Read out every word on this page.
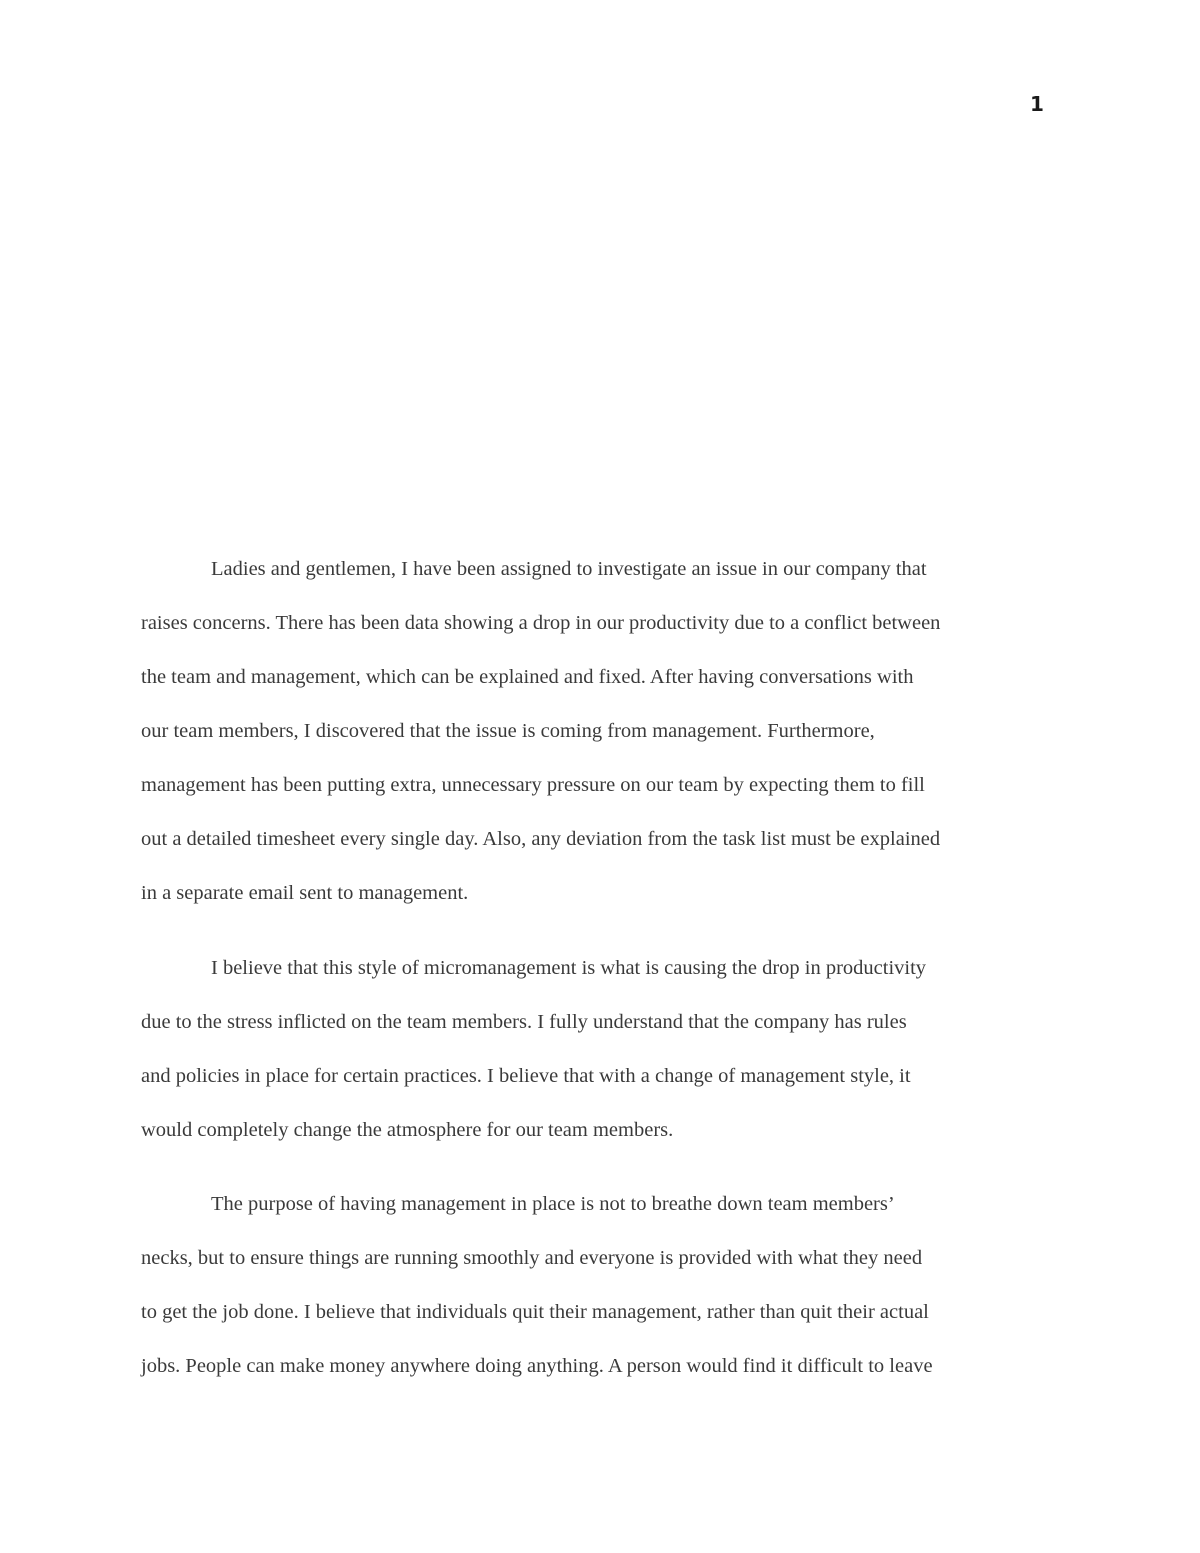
1
Ladies and gentlemen, I have been assigned to investigate an issue in our company that
raises concerns. There has been data showing a drop in our productivity due to a conflict between
the team and management, which can be explained and fixed. After having conversations with
our team members, I discovered that the issue is coming from management. Furthermore,
management has been putting extra, unnecessary pressure on our team by expecting them to fill
out a detailed timesheet every single day. Also, any deviation from the task list must be explained
in a separate email sent to management.
I believe that this style of micromanagement is what is causing the drop in productivity
due to the stress inflicted on the team members. I fully understand that the company has rules
and policies in place for certain practices. I believe that with a change of management style, it
would completely change the atmosphere for our team members.
The purpose of having management in place is not to breathe down team members’
necks, but to ensure things are running smoothly and everyone is provided with what they need
to get the job done. I believe that individuals quit their management, rather than quit their actual
jobs. People can make money anywhere doing anything. A person would find it difficult to leave
